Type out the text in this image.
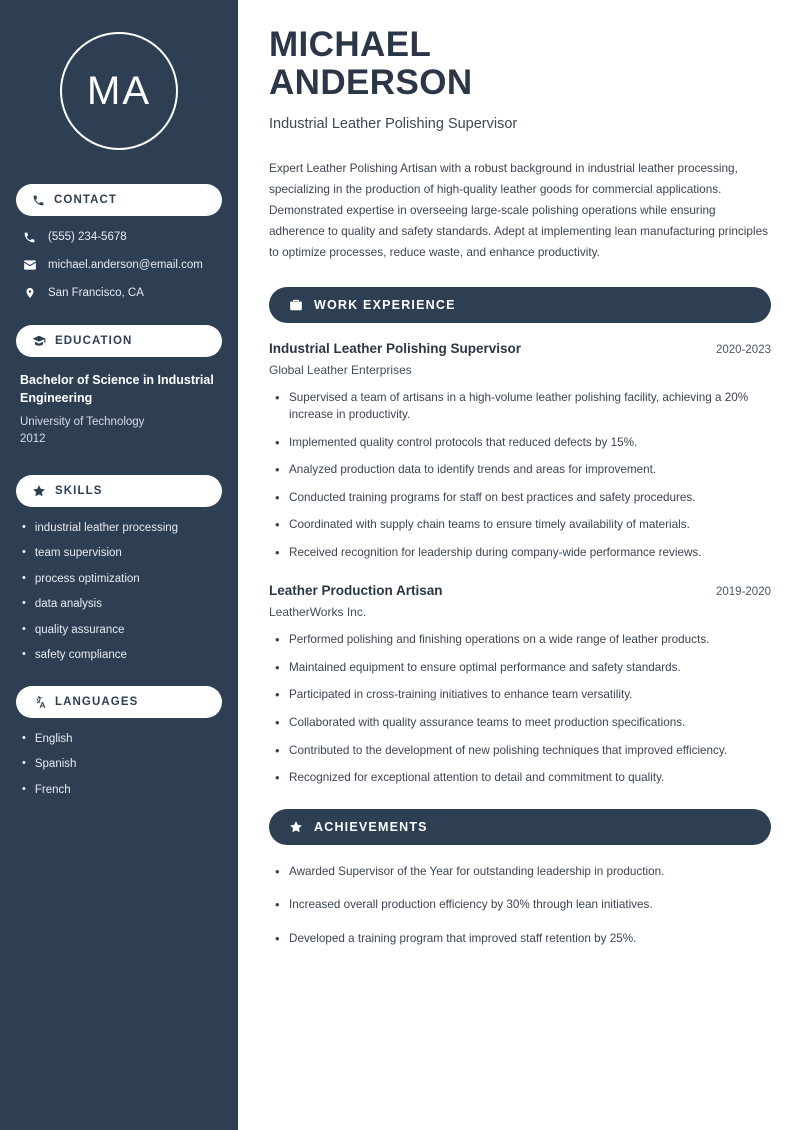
MA
CONTACT
(555) 234-5678
michael.anderson@email.com
San Francisco, CA
EDUCATION
Bachelor of Science in Industrial Engineering
University of Technology
2012
SKILLS
• industrial leather processing
• team supervision
• process optimization
• data analysis
• quality assurance
• safety compliance
LANGUAGES
• English
• Spanish
• French
MICHAEL
ANDERSON
Industrial Leather Polishing Supervisor
Expert Leather Polishing Artisan with a robust background in industrial leather processing, specializing in the production of high-quality leather goods for commercial applications. Demonstrated expertise in overseeing large-scale polishing operations while ensuring adherence to quality and safety standards. Adept at implementing lean manufacturing principles to optimize processes, reduce waste, and enhance productivity.
WORK EXPERIENCE
Industrial Leather Polishing Supervisor	2020-2023
Global Leather Enterprises
• Supervised a team of artisans in a high-volume leather polishing facility, achieving a 20% increase in productivity.
• Implemented quality control protocols that reduced defects by 15%.
• Analyzed production data to identify trends and areas for improvement.
• Conducted training programs for staff on best practices and safety procedures.
• Coordinated with supply chain teams to ensure timely availability of materials.
• Received recognition for leadership during company-wide performance reviews.
Leather Production Artisan	2019-2020
LeatherWorks Inc.
• Performed polishing and finishing operations on a wide range of leather products.
• Maintained equipment to ensure optimal performance and safety standards.
• Participated in cross-training initiatives to enhance team versatility.
• Collaborated with quality assurance teams to meet production specifications.
• Contributed to the development of new polishing techniques that improved efficiency.
• Recognized for exceptional attention to detail and commitment to quality.
ACHIEVEMENTS
• Awarded Supervisor of the Year for outstanding leadership in production.
• Increased overall production efficiency by 30% through lean initiatives.
• Developed a training program that improved staff retention by 25%.
